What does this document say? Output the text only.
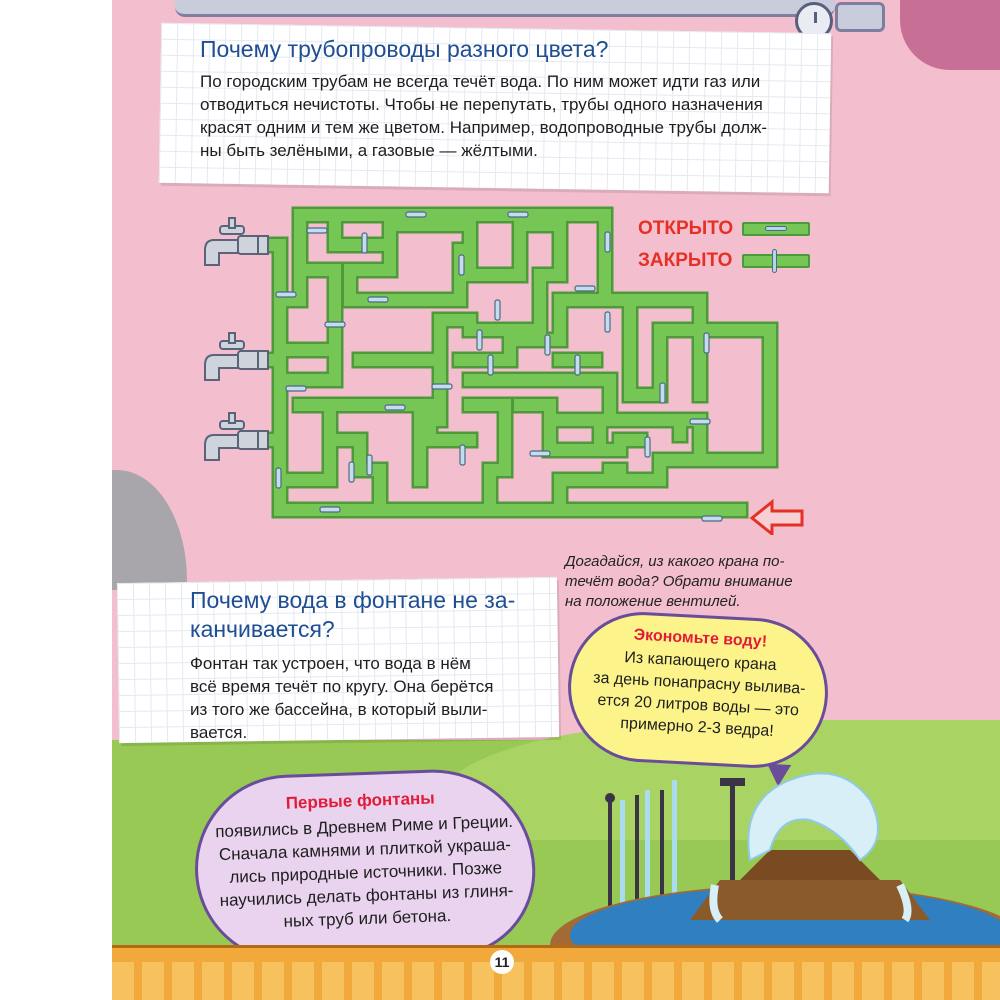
Почему трубопроводы разного цвета?

По городским трубам не всегда течёт вода. По ним может идти газ или
отводиться нечистоты. Чтобы не перепутать, трубы одного назначения
красят одним и тем же цветом. Например, водопроводные трубы долж-
ны быть зелёными, а газовые — жёлтыми.

ОТКРЫТО
ЗАКРЫТО
Догадайся, из какого крана по-
течёт вода? Обрати внимание
на положение вентилей.
Почему вода в фонтане не за-
канчивается?

Фонтан так устроен, что вода в нём
всё время течёт по кругу. Она берётся
из того же бассейна, в который выли-
вается.

Экономьте воду!
Из капающего крана
за день понапрасну вылива-
ется 20 литров воды — это
примерно 2-3 ведра!
Первые фонтаны
появились в Древнем Риме и Греции.
Сначала камнями и плиткой украша-
лись природные источники. Позже
научились делать фонтаны из глиня-
ных труб или бетона.
11
